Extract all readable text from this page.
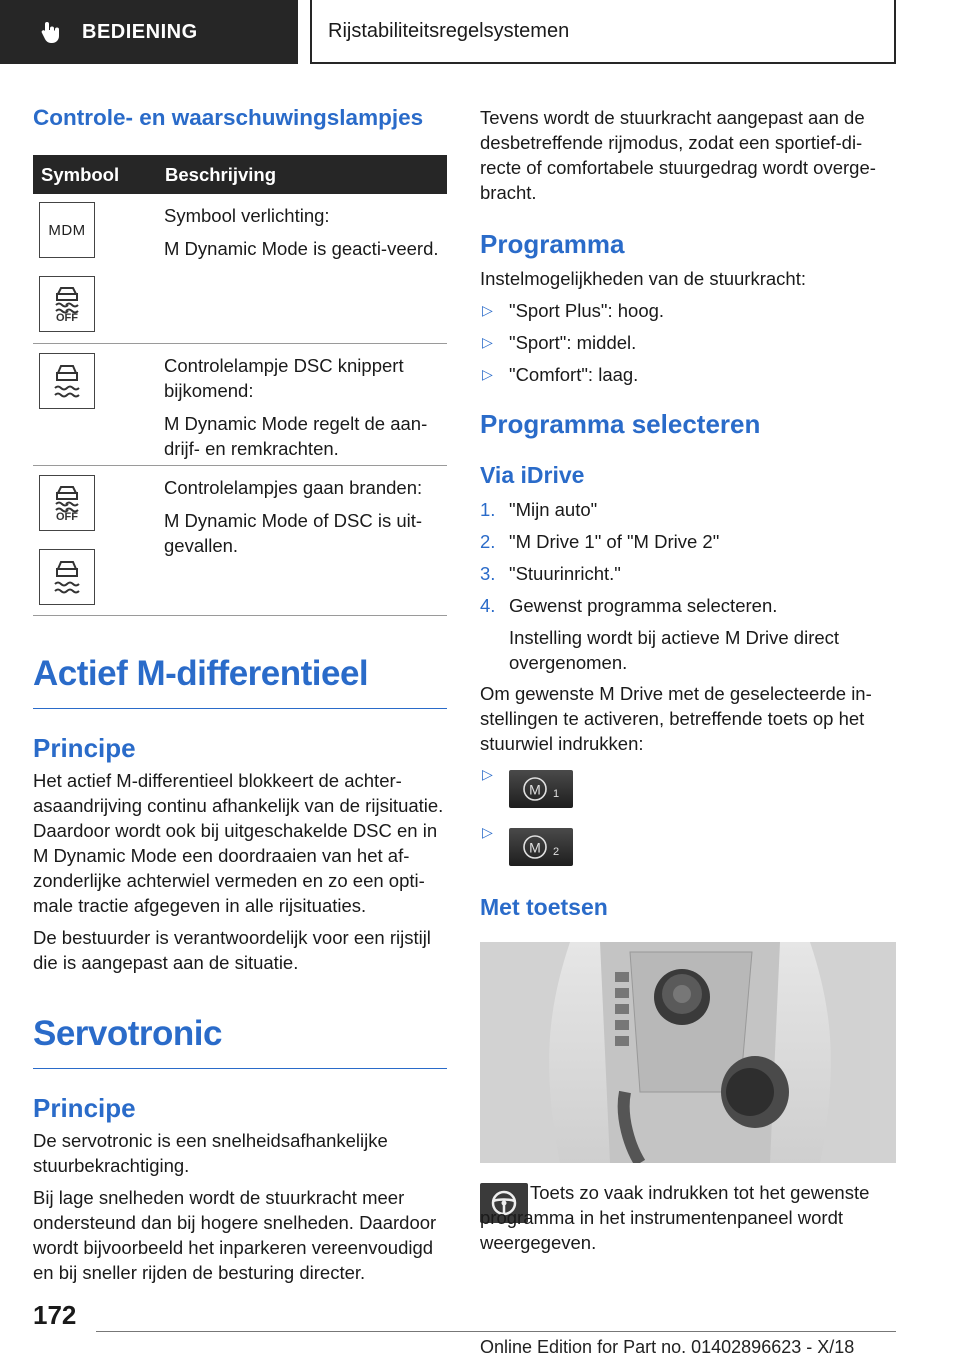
BEDIENING	Rijstabiliteitsregelsystemen
Controle- en waarschuwingslampjes
Symbool	Beschrijving
MDM
OFF

Symbool verlichting:

M Dynamic Mode is geacti-veerd.

Controlelampje DSC knippert bijkomend:

M Dynamic Mode regelt de aan-drijf- en remkrachten.

OFF

Controlelampjes gaan branden:

M Dynamic Mode of DSC is uit-gevallen.

Actief M-differentieel
Principe

Het actief M-differentieel blokkeert de achter-asaandrijving continu afhankelijk van de rijsituatie. Daardoor wordt ook bij uitgeschakelde DSC en in M Dynamic Mode een doordraaien van het af-zonderlijke achterwiel vermeden en zo een opti-male tractie afgegeven in alle rijsituaties.

De bestuurder is verantwoordelijk voor een rijstijl die is aangepast aan de situatie.

Servotronic
Principe

De servotronic is een snelheidsafhankelijke stuurbekrachtiging.

Bij lage snelheden wordt de stuurkracht meer ondersteund dan bij hogere snelheden. Daardoor wordt bijvoorbeeld het inparkeren vereenvoudigd en bij sneller rijden de besturing directer.

Tevens wordt de stuurkracht aangepast aan de desbetreffende rijmodus, zodat een sportief-di-recte of comfortabele stuurgedrag wordt overge-bracht.

Programma

Instelmogelijkheden van de stuurkracht:

▷ "Sport Plus": hoog.
▷ "Sport": middel.
▷ "Comfort": laag.
Programma selecteren
Via iDrive
1. "Mijn auto"
2. "M Drive 1" of "M Drive 2"
3. "Stuurinricht."
4. Gewenst programma selecteren.

Instelling wordt bij actieve M Drive direct overgenomen.

Om gewenste M Drive met de geselecteerde in-stellingen te activeren, betreffende toets op het stuurwiel indrukken:

▷
M 1
▷
M 2
Met toetsen

Toets zo vaak indrukken tot het gewenste programma in het instrumentenpaneel wordt weergegeven.

172
Online Edition for Part no. 01402896623 - X/18
